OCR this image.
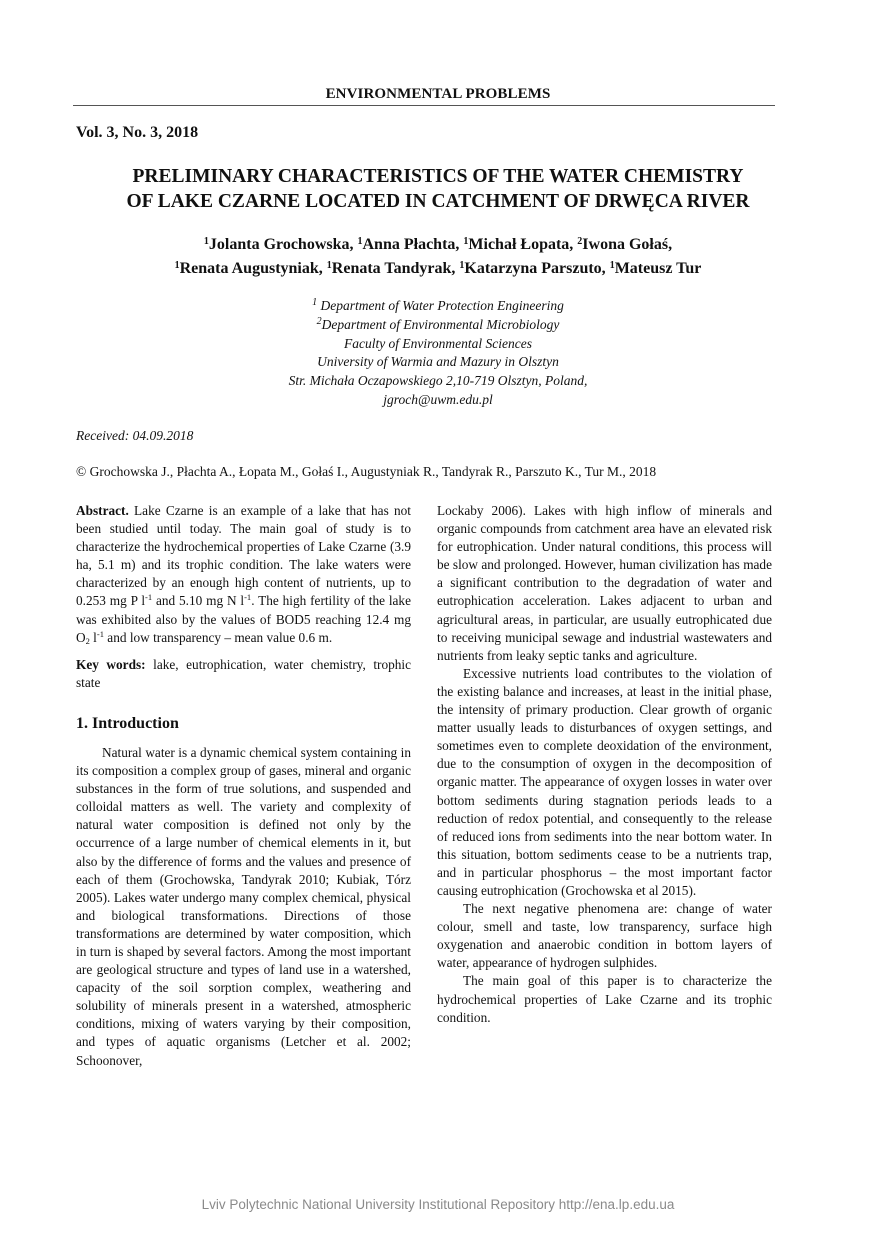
ENVIRONMENTAL PROBLEMS
Vol. 3, No. 3, 2018
PRELIMINARY CHARACTERISTICS OF THE WATER CHEMISTRY
OF LAKE CZARNE LOCATED IN CATCHMENT OF DRWĘCA RIVER
$^1$Jolanta Grochowska, $^1$Anna Płachta, $^1$Michał Łopata, $^2$Iwona Gołaś,
$^1$Renata Augustyniak, $^1$Renata Tandyrak, $^1$Katarzyna Parszuto, $^1$Mateusz Tur
$^1$ Department of Water Protection Engineering
$^2$Department of Environmental Microbiology
Faculty of Environmental Sciences
University of Warmia and Mazury in Olsztyn
Str. Michała Oczapowskiego 2,10-719 Olsztyn, Poland,
jgroch@uwm.edu.pl
Received: 04.09.2018
© Grochowska J., Płachta A., Łopata M., Gołaś I., Augustyniak R., Tandyrak R., Parszuto K., Tur M., 2018

Abstract. Lake Czarne is an example of a lake that has not been studied until today. The main goal of study is to characterize the hydrochemical properties of Lake Czarne (3.9 ha, 5.1 m) and its trophic condition. The lake waters were characterized by an enough high content of nutrients, up to 0.253 mg P $l^{-1}$ and 5.10 mg N $l^{-1}$. The high fertility of the lake was exhibited also by the values of BOD5 reaching 12.4 mg $O_2$ $l^{-1}$ and low transparency – mean value 0.6 m.

Key words: lake, eutrophication, water chemistry, trophic state

1. Introduction

Natural water is a dynamic chemical system containing in its composition a complex group of gases, mineral and organic substances in the form of true solutions, and suspended and colloidal matters as well. The variety and complexity of natural water composition is defined not only by the occurrence of a large number of chemical elements in it, but also by the difference of forms and the values and presence of each of them (Grochowska, Tandyrak 2010; Kubiak, Tórz 2005). Lakes water undergo many complex chemical, physical and biological transformations. Directions of those transformations are determined by water composition, which in turn is shaped by several factors. Among the most important are geological structure and types of land use in a watershed, capacity of the soil sorption complex, weathering and solubility of minerals present in a watershed, atmospheric conditions, mixing of waters varying by their composition, and types of aquatic organisms (Letcher et al. 2002; Schoonover,

Lockaby 2006). Lakes with high inflow of minerals and organic compounds from catchment area have an elevated risk for eutrophication. Under natural conditions, this process will be slow and prolonged. However, human civilization has made a significant contribution to the degradation of water and eutrophication acceleration. Lakes adjacent to urban and agricultural areas, in particular, are usually eutrophicated due to receiving municipal sewage and industrial wastewaters and nutrients from leaky septic tanks and agriculture.

Excessive nutrients load contributes to the violation of the existing balance and increases, at least in the initial phase, the intensity of primary production. Clear growth of organic matter usually leads to disturbances of oxygen settings, and sometimes even to complete deoxidation of the environment, due to the consumption of oxygen in the decomposition of organic matter. The appearance of oxygen losses in water over bottom sediments during stagnation periods leads to a reduction of redox potential, and consequently to the release of reduced ions from sediments into the near bottom water. In this situation, bottom sediments cease to be a nutrients trap, and in particular phosphorus – the most important factor causing eutrophication (Grochowska et al 2015).

The next negative phenomena are: change of water colour, smell and taste, low transparency, surface high oxygenation and anaerobic condition in bottom layers of water, appearance of hydrogen sulphides.

The main goal of this paper is to characterize the hydrochemical properties of Lake Czarne and its trophic condition.

Lviv Polytechnic National University Institutional Repository http://ena.lp.edu.ua
